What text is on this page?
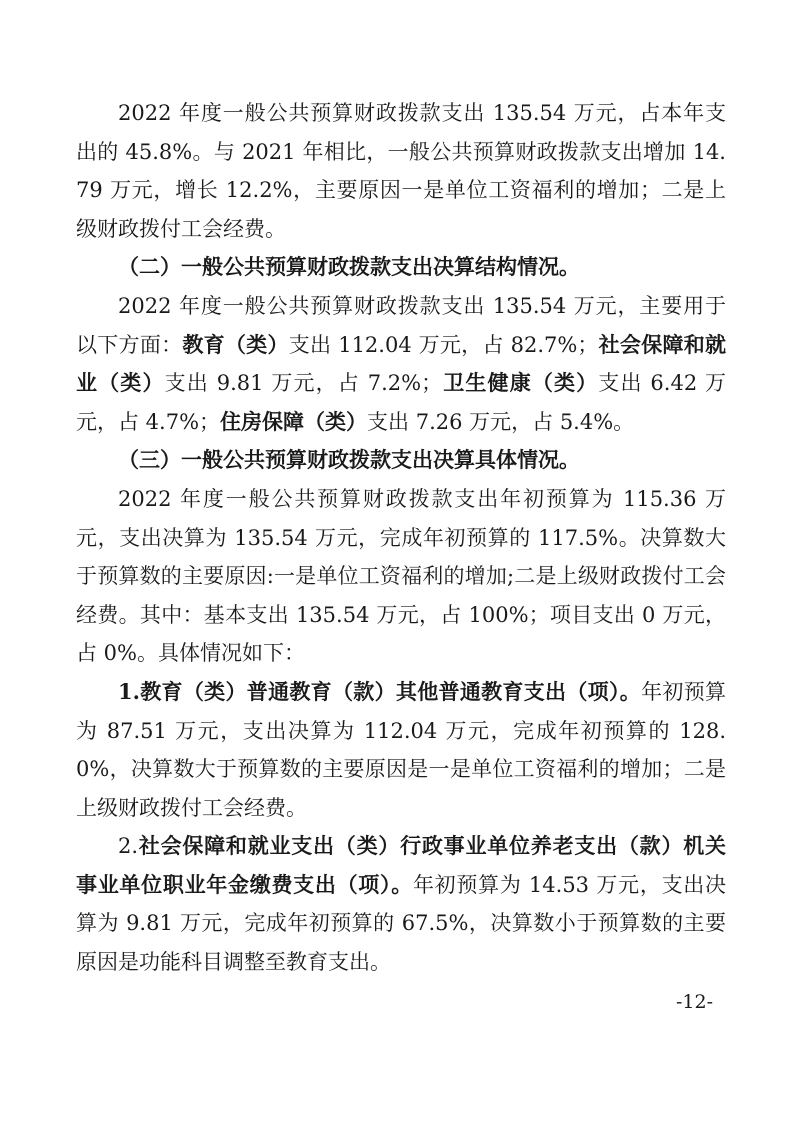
2022 年度一般公共预算财政拨款支出 135.54 万元，占本年支出的 45.8%。与 2021 年相比，一般公共预算财政拨款支出增加 14.79 万元，增长 12.2%，主要原因一是单位工资福利的增加；二是上级财政拨付工会经费。

（二）一般公共预算财政拨款支出决算结构情况。

2022 年度一般公共预算财政拨款支出 135.54 万元，主要用于以下方面：教育（类）支出 112.04 万元，占 82.7%；社会保障和就业（类）支出 9.81 万元，占 7.2%；卫生健康（类）支出 6.42 万元，占 4.7%；住房保障（类）支出 7.26 万元，占 5.4%。

（三）一般公共预算财政拨款支出决算具体情况。

2022 年度一般公共预算财政拨款支出年初预算为 115.36 万元，支出决算为 135.54 万元，完成年初预算的 117.5%。决算数大于预算数的主要原因:一是单位工资福利的增加;二是上级财政拨付工会经费。其中：基本支出 135.54 万元，占 100%；项目支出 0 万元，占 0%。具体情况如下：

1.教育（类）普通教育（款）其他普通教育支出（项）。年初预算为 87.51 万元，支出决算为 112.04 万元，完成年初预算的 128.0%，决算数大于预算数的主要原因是一是单位工资福利的增加；二是上级财政拨付工会经费。

2.社会保障和就业支出（类）行政事业单位养老支出（款）机关事业单位职业年金缴费支出（项）。年初预算为 14.53 万元，支出决算为 9.81 万元，完成年初预算的 67.5%，决算数小于预算数的主要原因是功能科目调整至教育支出。

-12-
